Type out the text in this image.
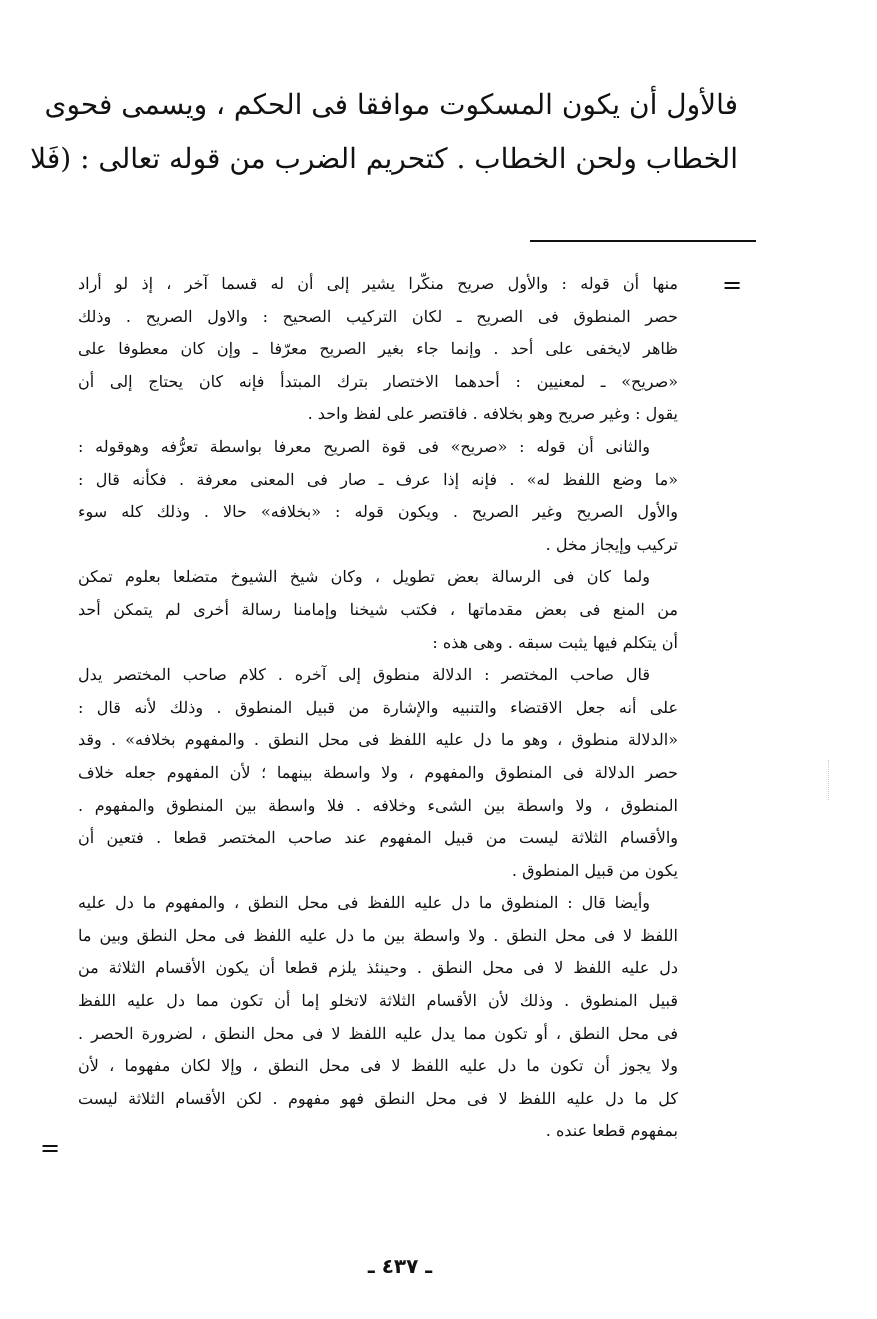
فالأول أن يكون المسكوت موافقا فى الحكم ، ويسمى فحوى
الخطاب ولحن الخطاب . كتحريم الضرب من قوله تعالى : (فَلا
=
منها أن قوله : والأول صريح منكّرا يشير إلى أن له قسما آخر ، إذ لو أراد
حصر المنطوق فى الصريح ـ لكان التركيب الصحيح : والاول الصريح . وذلك
ظاهر لايخفى على أحد . وإنما جاء بغير الصريح معرّفا ـ وإن كان معطوفا على
«صريح» ـ لمعنيين : أحدهما الاختصار بترك المبتدأ فإنه كان يحتاج إلى أن
يقول : وغير صريح وهو بخلافه . فاقتصر على لفظ واحد .
والثانى أن قوله : «صريح» فى قوة الصريح معرفا بواسطة تعرُّفه وهوقوله :
«ما وضع اللفظ له» . فإنه إذا عرف ـ صار فى المعنى معرفة . فكأنه قال :
والأول الصريح وغير الصريح . ويكون قوله : «بخلافه» حالا . وذلك كله سوء
تركيب وإيجاز مخل .
ولما كان فى الرسالة بعض تطويل ، وكان شيخ الشيوخ متضلعا بعلوم تمكن
من المنع فى بعض مقدماتها ، فكتب شيخنا وإمامنا رسالة أخرى لم يتمكن أحد
أن يتكلم فيها يثبت سبقه . وهى هذه :
قال صاحب المختصر : الدلالة منطوق إلى آخره . كلام صاحب المختصر يدل
على أنه جعل الاقتضاء والتنبيه والإشارة من قبيل المنطوق . وذلك لأنه قال :
«الدلالة منطوق ، وهو ما دل عليه اللفظ فى محل النطق . والمفهوم بخلافه» . وقد
حصر الدلالة فى المنطوق والمفهوم ، ولا واسطة بينهما ؛ لأن المفهوم جعله خلاف
المنطوق ، ولا واسطة بين الشىء وخلافه . فلا واسطة بين المنطوق والمفهوم .
والأقسام الثلاثة ليست من قبيل المفهوم عند صاحب المختصر قطعا . فتعين أن
يكون من قبيل المنطوق .
وأيضا قال : المنطوق ما دل عليه اللفظ فى محل النطق ، والمفهوم ما دل عليه
اللفظ لا فى محل النطق . ولا واسطة بين ما دل عليه اللفظ فى محل النطق وبين ما
دل عليه اللفظ لا فى محل النطق . وحينئذ يلزم قطعا أن يكون الأقسام الثلاثة من
قبيل المنطوق . وذلك لأن الأقسام الثلاثة لاتخلو إما أن تكون مما دل عليه اللفظ
فى محل النطق ، أو تكون مما يدل عليه اللفظ لا فى محل النطق ، لضرورة الحصر .
ولا يجوز أن تكون ما دل عليه اللفظ لا فى محل النطق ، وإلا لكان مفهوما ، لأن
كل ما دل عليه اللفظ لا فى محل النطق فهو مفهوم . لكن الأقسام الثلاثة ليست
بمفهوم قطعا عنده .
=
ـ ٤٣٧ ـ
